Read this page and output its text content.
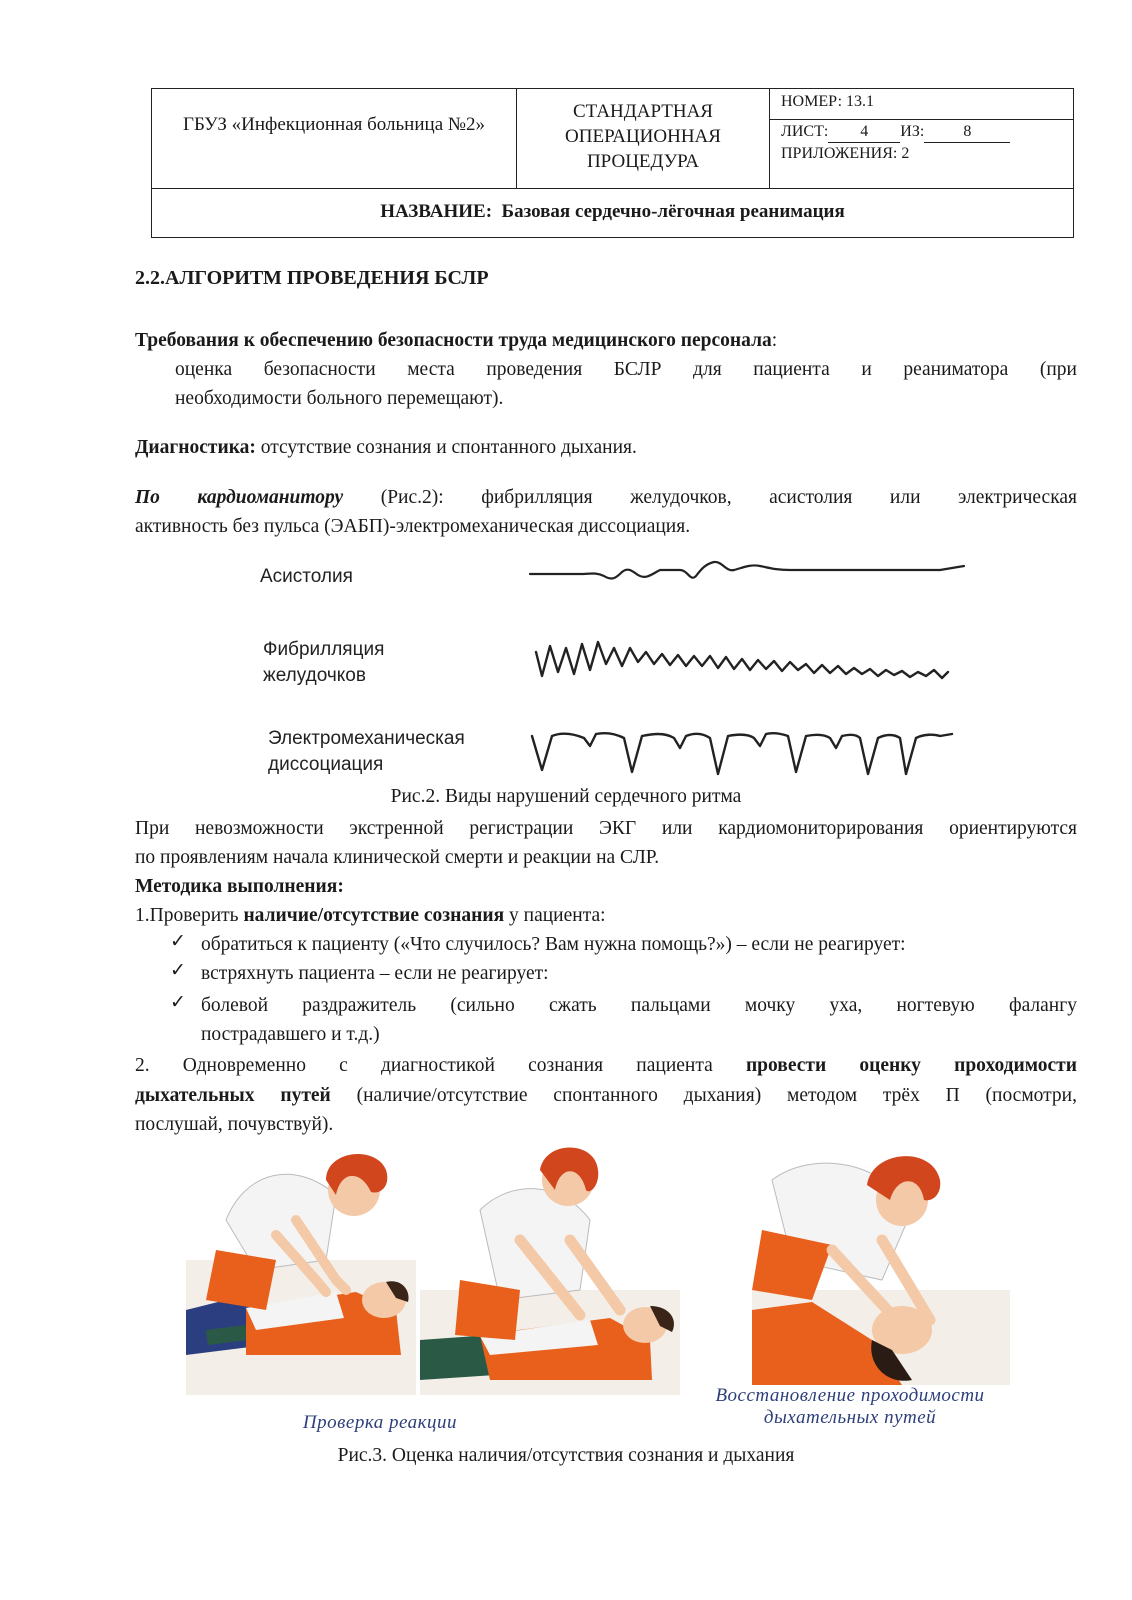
ГБУЗ «Инфекционная больница №2»
СТАНДАРТНАЯ
ОПЕРАЦИОННАЯ
ПРОЦЕДУРА
НОМЕР: 13.1
ЛИСТ: 4 ИЗ: 8
ПРИЛОЖЕНИЯ: 2
НАЗВАНИЕ: Базовая сердечно-лёгочная реанимация
2.2.АЛГОРИТМ ПРОВЕДЕНИЯ БСЛР
Требования к обеспечению безопасности труда медицинского персонала:
оценка безопасности места проведения БСЛР для пациента и реаниматора (при
необходимости больного перемещают).
Диагностика: отсутствие сознания и спонтанного дыхания.
По кардиоманитору (Рис.2): фибрилляция желудочков, асистолия или электрическая
активность без пульса (ЭАБП)-электромеханическая диссоциация.
Асистолия
Фибрилляция
желудочков
Электромеханическая
диссоциация
Рис.2. Виды нарушений сердечного ритма
При невозможности экстренной регистрации ЭКГ или кардиомониторирования ориентируются
по проявлениям начала клинической смерти и реакции на СЛР.
Методика выполнения:
1.Проверить наличие/отсутствие сознания у пациента:
✓ обратиться к пациенту («Что случилось? Вам нужна помощь?») – если не реагирует:
✓ встряхнуть пациента – если не реагирует:
✓ болевой раздражитель (сильно сжать пальцами мочку уха, ногтевую фалангу
пострадавшего и т.д.)
2. Одновременно с диагностикой сознания пациента провести оценку проходимости
дыхательных путей (наличие/отсутствие спонтанного дыхания) методом трёх П (посмотри,
послушай, почувствуй).
Проверка реакции
Восстановление проходимости
дыхательных путей
Рис.3. Оценка наличия/отсутствия сознания и дыхания
